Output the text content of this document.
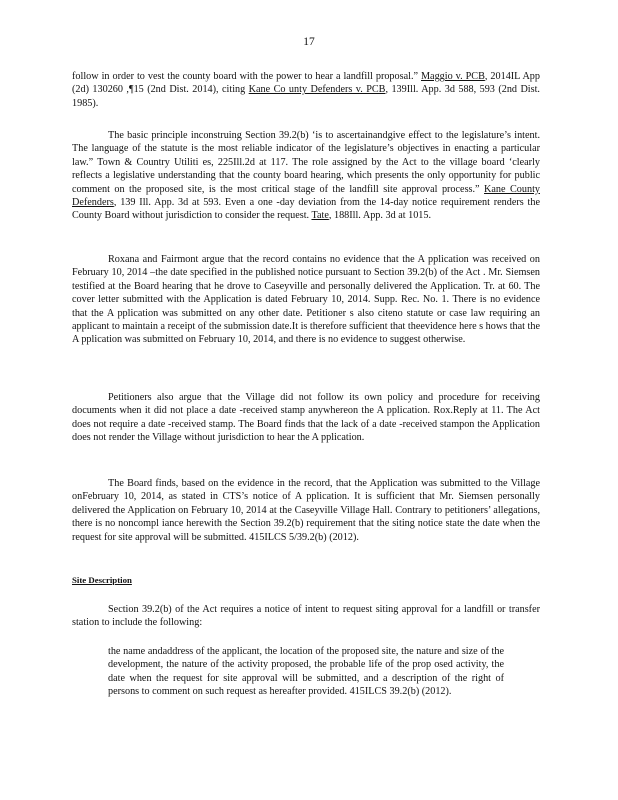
17

follow in order to vest the county board with the power to hear a landfill proposal.” Maggio v. PCB, 2014IL App (2d) 130260 ,¶15 (2nd Dist. 2014), citing Kane Co unty Defenders v. PCB, 139Ill. App. 3d 588, 593 (2nd Dist. 1985).

The basic principle inconstruing Section 39.2(b) ‘is to ascertainandgive effect to the legislature’s intent. The language of the statute is the most reliable indicator of the legislature’s objectives in enacting a particular law.” Town & Country Utiliti es, 225Ill.2d at 117. The role assigned by the Act to the village board ‘clearly reflects a legislative understanding that the county board hearing, which presents the only opportunity for public comment on the proposed site, is the most critical stage of the landfill site approval process.” Kane County Defenders, 139 Ill. App. 3d at 593. Even a one -day deviation from the 14-day notice requirement renders the County Board without jurisdiction to consider the request. Tate, 188Ill. App. 3d at 1015.

Roxana and Fairmont argue that the record contains no evidence that the A pplication was received on February 10, 2014 –the date specified in the published notice pursuant to Section 39.2(b) of the Act . Mr. Siemsen testified at the Board hearing that he drove to Caseyville and personally delivered the Application. Tr. at 60. The cover letter submitted with the Application is dated February 10, 2014. Supp. Rec. No. 1. There is no evidence that the A pplication was submitted on any other date. Petitioner s also citeno statute or case law requiring an applicant to maintain a receipt of the submission date.It is therefore sufficient that theevidence here s hows that the A pplication was submitted on February 10, 2014, and there is no evidence to suggest otherwise.

Petitioners also argue that the Village did not follow its own policy and procedure for receiving documents when it did not place a date -received stamp anywhereon the A pplication. Rox.Reply at 11. The Act does not require a date -received stamp. The Board finds that the lack of a date -received stampon the Application does not render the Village without jurisdiction to hear the A pplication.

The Board finds, based on the evidence in the record, that the Application was submitted to the Village onFebruary 10, 2014, as stated in CTS’s notice of A pplication. It is sufficient that Mr. Siemsen personally delivered the Application on February 10, 2014 at the Caseyville Village Hall. Contrary to petitioners’ allegations, there is no noncompl iance herewith the Section 39.2(b) requirement that the siting notice state the date when the request for site approval will be submitted. 415ILCS 5/39.2(b) (2012).

Site Description

Section 39.2(b) of the Act requires a notice of intent to request siting approval for a landfill or transfer station to include the following:

the name andaddress of the applicant, the location of the proposed site, the nature and size of the development, the nature of the activity proposed, the probable life of the prop osed activity, the date when the request for site approval will be submitted, and a description of the right of persons to comment on such request as hereafter provided. 415ILCS 39.2(b) (2012).
